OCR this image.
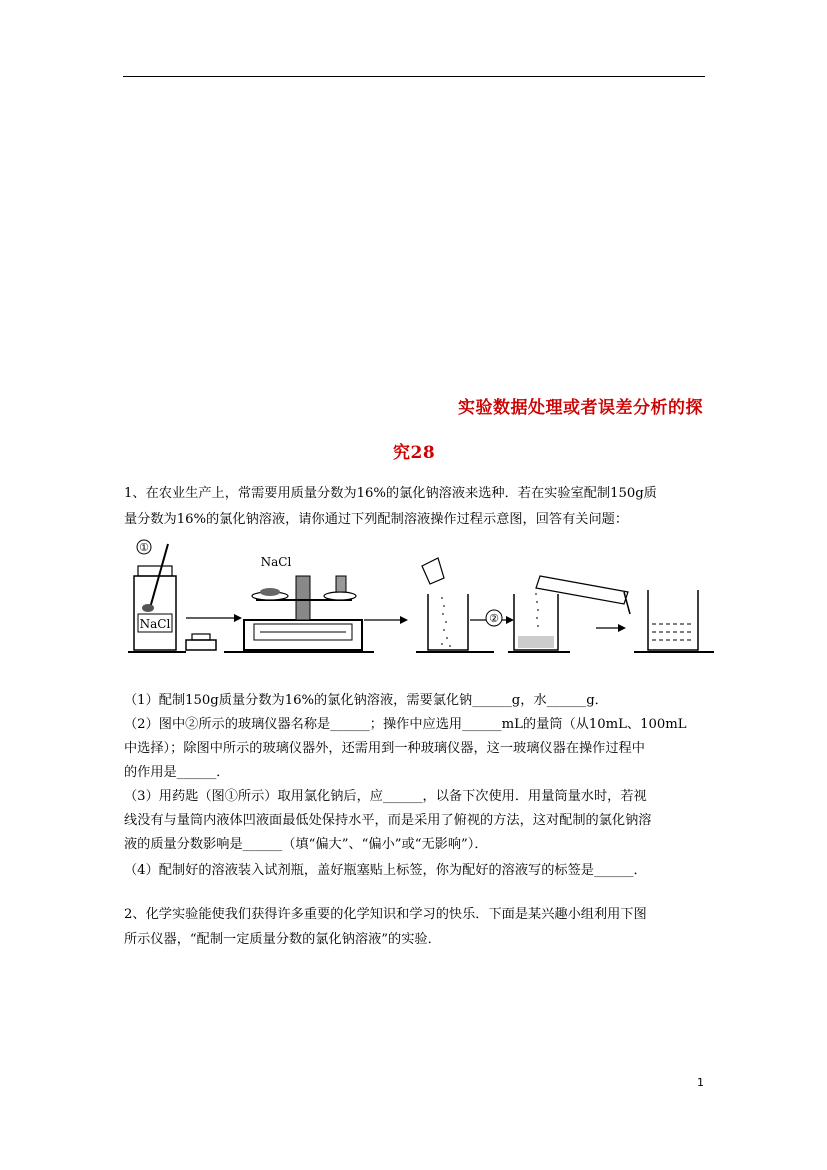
实验数据处理或者误差分析的探
究28
1、在农业生产上，常需要用质量分数为16%的氯化钠溶液来选种．若在实验室配制150g质
量分数为16%的氯化钠溶液，请你通过下列配制溶液操作过程示意图，回答有关问题：
①
NaCl
NaCl
②
（1）配制150g质量分数为16%的氯化钠溶液，需要氯化钠______g，水______g．
（2）图中②所示的玻璃仪器名称是______；操作中应选用______mL的量筒（从10mL、100mL
中选择）；除图中所示的玻璃仪器外，还需用到一种玻璃仪器，这一玻璃仪器在操作过程中
的作用是______．
（3）用药匙（图①所示）取用氯化钠后，应______，以备下次使用．用量筒量水时，若视
线没有与量筒内液体凹液面最低处保持水平，而是采用了俯视的方法，这对配制的氯化钠溶
液的质量分数影响是______（填“偏大”、“偏小”或“无影响”）．
（4）配制好的溶液装入试剂瓶，盖好瓶塞贴上标签，你为配好的溶液写的标签是______．
2、化学实验能使我们获得许多重要的化学知识和学习的快乐．下面是某兴趣小组利用下图
所示仪器，“配制一定质量分数的氯化钠溶液”的实验．
1
